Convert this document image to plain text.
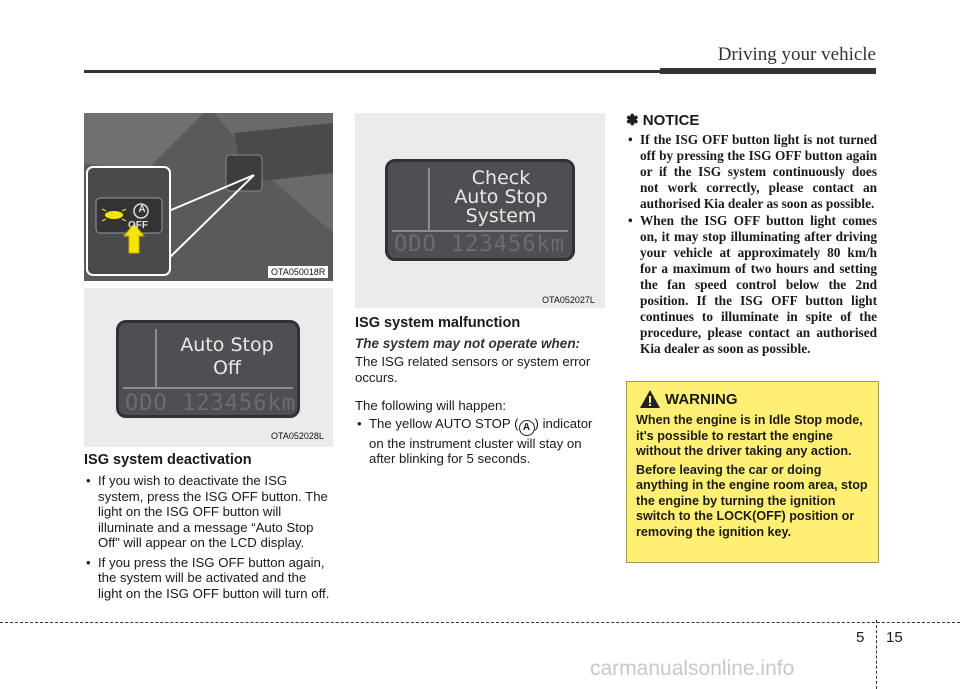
Driving your vehicle
A
OFF
OTA050018R
Auto Stop
Off
ODO 123456km
OTA052028L
ISG system deactivation
• If you wish to deactivate the ISG system, press the ISG OFF button. The light on the ISG OFF button will illuminate and a message “Auto Stop Off” will appear on the LCD display.
• If you press the ISG OFF button again, the system will be activated and the light on the ISG OFF button will turn off.
Check
Auto Stop
System
ODO 123456km
OTA052027L
ISG system malfunction
The system may not operate when:
The ISG related sensors or system error occurs.
The following will happen:
• The yellow AUTO STOP ( A ) indicator on the instrument cluster will stay on after blinking for 5 seconds.
✽ NOTICE
• If the ISG OFF button light is not turned off by pressing the ISG OFF button again or if the ISG system continuously does not work correctly, please contact an authorised Kia dealer as soon as possible.
• When the ISG OFF button light comes on, it may stop illuminating after driving your vehicle at approximately 80 km/h for a maximum of two hours and setting the fan speed control below the 2nd position. If the ISG OFF button light continues to illuminate in spite of the procedure, please contact an authorised Kia dealer as soon as possible.
WARNING

When the engine is in Idle Stop mode, it's possible to restart the engine without the driver taking any action.

Before leaving the car or doing anything in the engine room area, stop the engine by turning the ignition switch to the LOCK(OFF) position or removing the ignition key.

5 15
carmanualsonline.info
